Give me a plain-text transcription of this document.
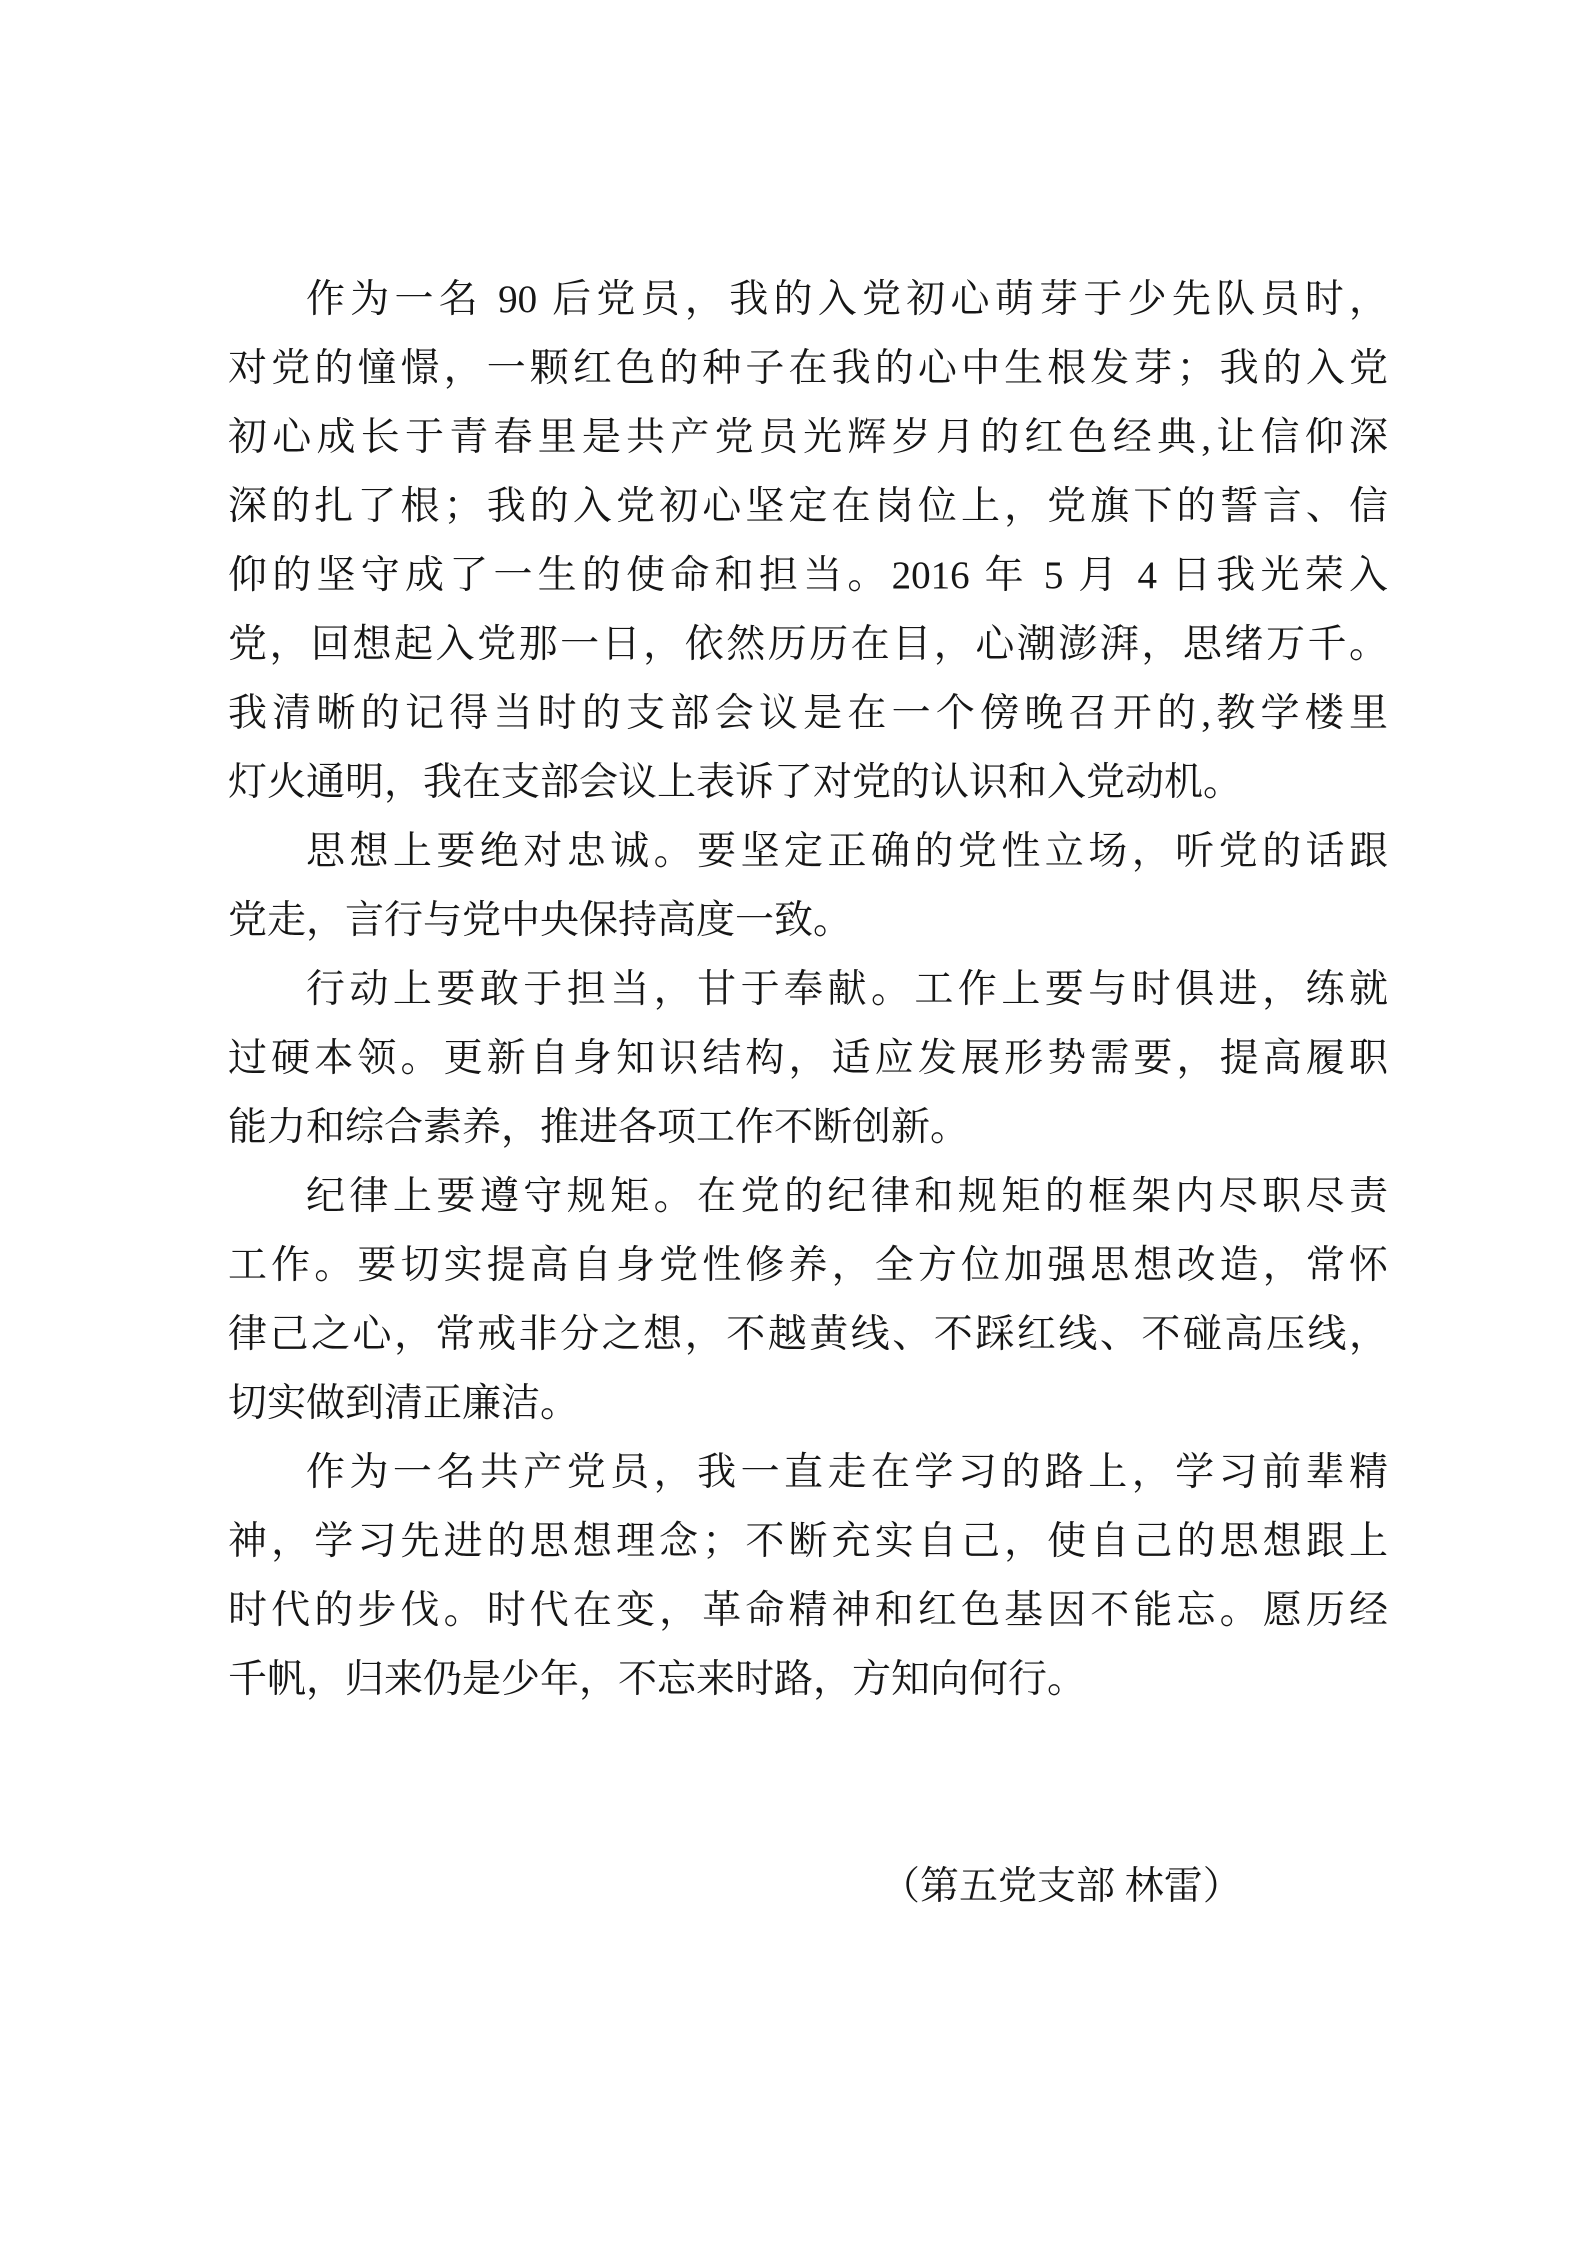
作为一名 90 后党员，我的入党初心萌芽于少先队员时，
对党的憧憬，一颗红色的种子在我的心中生根发芽；我的入党
初心成长于青春里是共产党员光辉岁月的红色经典,让信仰深
深的扎了根；我的入党初心坚定在岗位上，党旗下的誓言、信
仰的坚守成了一生的使命和担当。2016 年 5 月 4 日我光荣入
党，回想起入党那一日，依然历历在目，心潮澎湃，思绪万千。
我清晰的记得当时的支部会议是在一个傍晚召开的,教学楼里
灯火通明，我在支部会议上表诉了对党的认识和入党动机。
思想上要绝对忠诚。要坚定正确的党性立场，听党的话跟
党走，言行与党中央保持高度一致。
行动上要敢于担当，甘于奉献。工作上要与时俱进，练就
过硬本领。更新自身知识结构，适应发展形势需要，提高履职
能力和综合素养，推进各项工作不断创新。
纪律上要遵守规矩。在党的纪律和规矩的框架内尽职尽责
工作。要切实提高自身党性修养，全方位加强思想改造，常怀
律己之心，常戒非分之想，不越黄线、不踩红线、不碰高压线，
切实做到清正廉洁。
作为一名共产党员，我一直走在学习的路上，学习前辈精
神，学习先进的思想理念；不断充实自己，使自己的思想跟上
时代的步伐。时代在变，革命精神和红色基因不能忘。愿历经
千帆，归来仍是少年，不忘来时路，方知向何行。
（第五党支部 林雷）
